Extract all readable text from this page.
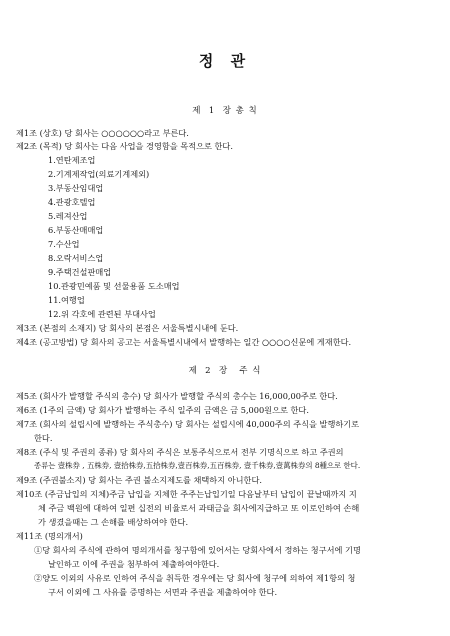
정 관
제  1  장 총 칙
제1조 (상호) 당 회사는 ○○○○○○라고 부른다.
제2조 (목적) 당 회사는 다음 사업을 경영함을 목적으로 한다.
1.연탄제조업
2.기계제작업(의료기계제외)
3.부동산임대업
4.관광호텔업
5.레져산업
6.부동산매매업
7.수산업
8.오락서비스업
9.주택건설판매업
10.관광민예품 및 선물용품 도소매업
11.여행업
12.위 각호에 관련된 부대사업
제3조 (본점의 소재지) 당 회사의 본점은 서울특별시내에 둔다.
제4조 (공고방법) 당 회사의 공고는 서울특별시내에서 발행하는 일간 ○○○○신문에 게재한다.
제  2  장   주 식
제5조 (회사가 발행할 주식의 총수) 당 회사가 발행할 주식의 총수는 16,000,00주로 한다.
제6조 (1주의 금액) 당 회사가 발행하는 주식 일주의 금액은 금 5,000원으로 한다.
제7조 (회사의 설립시에 발행하는 주식총수) 당 회사는 설립시에 40,000주의 주식을 발행하기로
한다.
제8조 (주식 및 주권의 종류) 당 회사의 주식은 보통주식으로서 전부 기명식으로 하고 주권의
종류는 壹株券 , 五株券, 壹拾株券,五拾株券,壹百株券,五百株券, 壹千株券,壹萬株券의 8種으로 한다.
제9조 (주권불소지) 당 회사는 주권 불소지제도를 채택하지 아니한다.
제10조 (주금납입의 지체)주금 납입을 지체한 주주는납입기일 다음날부터 납입이 끝날때까지 지
체 주금 백원에 대하여 일편 십전의 비율로서 과태금을 회사에지급하고 또 이로인하여 손해
가 생겼을때는 그 손해를 배상하여야 한다.
제11조 (명의개서)
①당 회사의 주식에 관하여 명의개서를 청구함에 있어서는 당회사에서 정하는 청구서에 기명
날인하고 이에 주권을 첨부하여 제출하여야한다.
②양도 이외의 사유로 인하여 주식을 취득한 경우에는 당 회사에 청구에 의하여 제1항의 청
구서 이외에 그 사유를 증명하는 서면과 주권을 제출하여야 한다.
